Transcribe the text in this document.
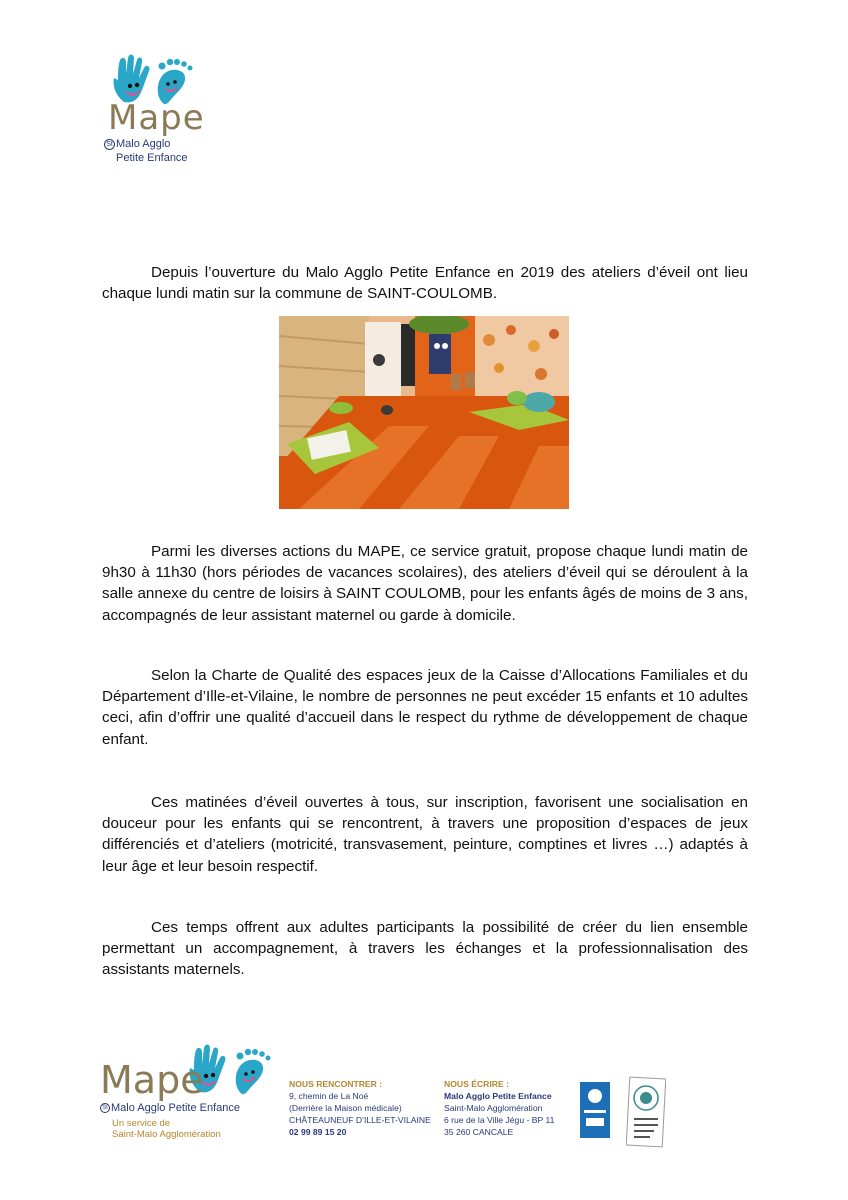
Mape
St Malo Agglo
Petite Enfance
Depuis l’ouverture du Malo Agglo Petite Enfance en 2019 des ateliers d’éveil ont lieu chaque lundi matin sur la commune de SAINT-COULOMB.
Parmi les diverses actions du MAPE, ce service gratuit, propose chaque lundi matin de 9h30 à 11h30 (hors périodes de vacances scolaires), des ateliers d’éveil qui se déroulent à la salle annexe du centre de loisirs à SAINT COULOMB, pour les enfants âgés de moins de 3 ans, accompagnés de leur assistant maternel ou garde à domicile.
Selon la Charte de Qualité des espaces jeux de la Caisse d’Allocations Familiales et du Département d’Ille-et-Vilaine, le nombre de personnes ne peut excéder 15 enfants et 10 adultes ceci, afin d’offrir une qualité d’accueil dans le respect du rythme de développement de chaque enfant.
Ces matinées d’éveil ouvertes à tous, sur inscription, favorisent une socialisation en douceur pour les enfants qui se rencontrent, à travers une proposition d’espaces de jeux différenciés et d’ateliers (motricité, transvasement, peinture, comptines et livres …) adaptés à leur âge et leur besoin respectif.
Ces temps offrent aux adultes participants la possibilité de créer du lien ensemble permettant un accompagnement, à travers les échanges et la professionnalisation des assistants maternels.
Mape
St Malo Agglo Petite Enfance
Un service de
Saint-Malo Agglomération
NOUS RENCONTRER :
9, chemin de La Noé
(Derrière la Maison médicale)
CHÂTEAUNEUF D’ILLE-ET-VILAINE
02 99 89 15 20
NOUS ÉCRIRE :
Malo Agglo Petite Enfance
Saint-Malo Agglomération
6 rue de la Ville Jégu - BP 11
35 260 CANCALE
